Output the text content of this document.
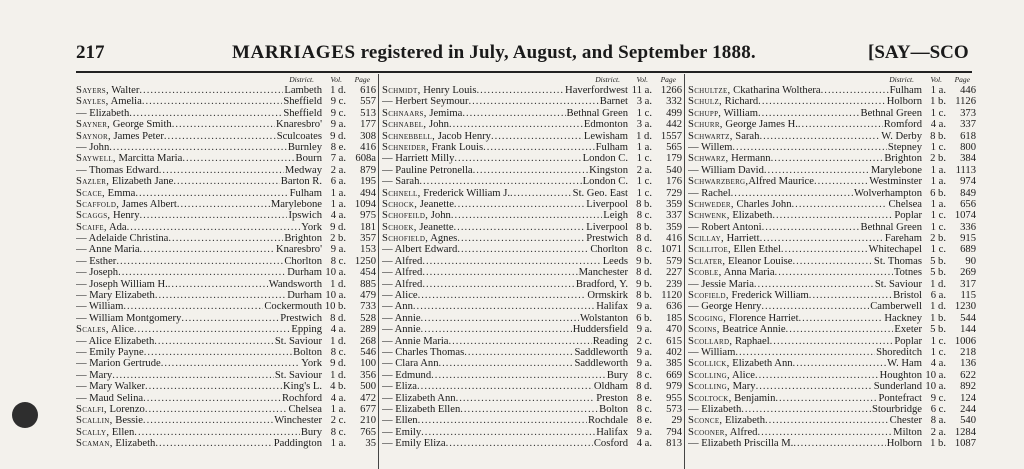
217	MARRIAGES registered in July, August, and September 1888.	[SAY—SCO
District. Vol. Page
Sayers, Walter .....	Lambeth 1 d.	616
Sayles, Amelia .....	Sheffield 9 c.	557
— Elizabeth .....	Sheffield 9 c.	513
Sayner, George Smith .....	Knaresbro' 9 a.	177
Saynor, James Peter .....	Sculcoates 9 d.	308
— John .....	Burnley 8 e.	416
Saywell, Marcitta Maria .....	Bourn 7 a. 608a
— Thomas Edward .....	Medway 2 a.	879
Sazler, Elizabeth Jane .....	Barton R. 6 a.	195
Scace, Emma .....	Fulham 1 a.	494
Scaffold, James Albert .....	Marylebone 1 a. 1094
Scaggs, Henry .....	Ipswich 4 a.	975
Scaife, Ada .....	York 9 d.	181
— Adelaide Christina .....	Brighton 2 b.	357
— Anne Maria .....	Knaresbro' 9 a.	153
— Esther .....	Chorlton 8 c. 1250
— Joseph .....	Durham 10 a.	454
— Joseph William H. .....	Wandsworth 1 d.	885
— Mary Elizabeth .....	Durham 10 a.	479
— William .....	Cockermouth 10 b.	733
— William Montgomery .....	Prestwich 8 d.	528
Scales, Alice .....	Epping 4 a.	289
— Alice Elizabeth .....	St. Saviour 1 d.	268
— Emily Payne .....	Bolton 8 c.	546
— Marion Gertrude .....	York 9 d.	100
— Mary .....	St. Saviour 1 d.	356
— Mary Walker .....	King's L. 4 b.	500
— Maud Selina .....	Rochford 4 a.	472
Scalfi, Lorenzo .....	Chelsea 1 a.	677
Scallin, Bessie .....	Winchester 2 c.	210
Scally, Ellen .....	Bury 8 c.	765
Scaman, Elizabeth .....	Paddington 1 a.	35
District. Vol. Page
Schmidt, Henry Louis .....	Haverfordwest 11 a. 1266
— Herbert Seymour .....	Barnet 3 a.	332
Schnaars, Jemima .....	Bethnal Green 1 c.	499
Schnabel, John .....	Edmonton 3 a.	442
Schnebbell, Jacob Henry .....	Lewisham 1 d. 1557
Schneider, Frank Louis .....	Fulham 1 a.	565
— Harriett Milly .....	London C. 1 c.	179
— Pauline Petronella .....	Kingston 2 a.	540
— Sarah .....	London C. 1 c.	176
Schnell, Frederick William J. .....	St. Geo. East 1 c.	729
Schock, Jeanette .....	Liverpool 8 b.	359
Schofeild, John .....	Leigh 8 c.	337
Schoek, Jeanette .....	Liverpool 8 b.	359
Schofield, Agnes .....	Prestwich 8 d.	416
— Albert Edward .....	Chorlton 8 c. 1071
— Alfred .....	Leeds 9 b.	579
— Alfred .....	Manchester 8 d.	227
— Alfred .....	Bradford, Y. 9 b.	239
— Alice .....	Ormskirk 8 b. 1120
— Ann .....	Halifax 9 a.	636
— Annie .....	Wolstanton 6 b.	185
— Annie .....	Huddersfield 9 a.	470
— Annie Maria .....	Reading 2 c.	615
— Charles Thomas .....	Saddleworth 9 a.	402
— Clara Ann .....	Saddleworth 9 a.	385
— Edmund .....	Bury 8 c.	669
— Eliza .....	Oldham 8 d.	979
— Elizabeth Ann .....	Preston 8 e.	955
— Elizabeth Ellen .....	Bolton 8 c.	573
— Ellen .....	Rochdale 8 e.	29
— Emily .....	Halifax 9 a.	794
— Emily Eliza .....	Cosford 4 a.	813
District. Vol. Page
Schultze, Ckatharina Wolthera .....	Fulham 1 a.	446
Schulz, Richard .....	Holborn 1 b. 1126
Schupp, William .....	Bethnal Green 1 c.	373
Schurr, George James H. .....	Romford 4 a.	337
Schwartz, Sarah .....	W. Derby 8 b.	618
— Willem .....	Stepney 1 c.	800
Schwarz, Hermann .....	Brighton 2 b.	384
— William David .....	Marylebone 1 a. 1113
Schwarzberg,Alfred Maurice .....	Westminster 1 a.	974
— Rachel .....	Wolverhampton 6 b.	849
Schweder, Charles John .....	Chelsea 1 a.	656
Schwenk, Elizabeth .....	Poplar 1 c. 1074
— Robert Antoni .....	Bethnal Green 1 c.	336
Scillay, Harriett .....	Fareham 2 b.	915
Scillitoe, Ellen Ethel .....	Whitechapel 1 c.	689
Sclater, Eleanor Louise .....	St. Thomas 5 b.	90
Scoble, Anna Maria .....	Totnes 5 b.	269
— Jessie Maria .....	St. Saviour 1 d.	317
Scofield, Frederick William .....	Bristol 6 a.	115
— George Henry .....	Camberwell 1 d. 1230
Scoging, Florence Harriet .....	Hackney 1 b.	544
Scoins, Beatrice Annie .....	Exeter 5 b.	144
Scollard, Raphael .....	Poplar 1 c. 1006
— William .....	Shoreditch 1 c.	218
Scollick, Elizabeth Ann .....	W. Ham 4 a.	136
Scolling, Alice .....	Houghton 10 a.	622
Scolling, Mary .....	Sunderland 10 a.	892
Scoltock, Benjamin .....	Pontefract 9 c.	124
— Elizabeth .....	Stourbridge 6 c.	244
Sconce, Elizabeth .....	Chester 8 a.	540
Scooner, Alfred .....	Milton 2 a. 1284
— Elizabeth Priscilla M. .....	Holborn 1 b. 1087
